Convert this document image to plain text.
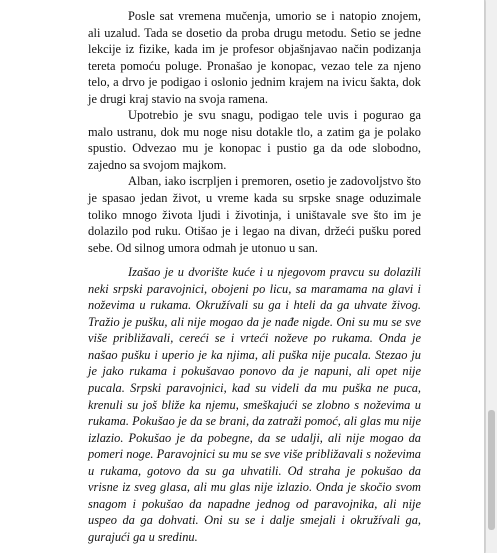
Posle sat vremena mučenja, umorio se i natopio znojem, ali uzalud. Tada se dosetio da proba drugu metodu. Setio se jedne lekcije iz fizike, kada im je profesor objašnjavao način podizanja tereta pomoću poluge. Pronašao je konopac, vezao tele za njeno telo, a drvo je podigao i oslonio jednim krajem na ivicu šakta, dok je drugi kraj stavio na svoja ramena.

Upotrebio je svu snagu, podigao tele uvis i pogurao ga malo ustranu, dok mu noge nisu dotakle tlo, a zatim ga je polako spustio. Odvezao mu je konopac i pustio ga da ode slobodno, zajedno sa svojom majkom.

Alban, iako iscrpljen i premoren, osetio je zadovoljstvo što je spasao jedan život, u vreme kada su srpske snage oduzimale toliko mnogo života ljudi i životinja, i uništavale sve što im je dolazilo pod ruku. Otišao je i legao na divan, držeći pušku pored sebe. Od silnog umora odmah je utonuo u san.

Izašao je u dvorište kuće i u njegovom pravcu su dolazili neki srpski paravojnici, obojeni po licu, sa maramama na glavi i noževima u rukama. Okružívali su ga i hteli da ga uhvate živog. Tražio je pušku, ali nije mogao da je nađe nigde. Oni su mu se sve više približavali, cereći se i vrteći noževe po rukama. Onda je našao pušku i uperio je ka njima, ali puška nije pucala. Stezao ju je jako rukama i pokušavao ponovo da je napuni, ali opet nije pucala. Srpski paravojnici, kad su videli da mu puška ne puca, krenuli su još bliže ka njemu, smeškajući se zlobno s noževima u rukama. Pokušao je da se brani, da zatraži pomoć, ali glas mu nije izlazio. Pokušao je da pobegne, da se udalji, ali nije mogao da pomeri noge. Paravojnici su mu se sve više približavali s noževima u rukama, gotovo da su ga uhvatili. Od straha je pokušao da vrisne iz sveg glasa, ali mu glas nije izlazio. Onda je skočio svom snagom i pokušao da napadne jednog od paravojnika, ali nije uspeo da ga dohvati. Oni su se i dalje smejali i okružívali ga, gurajući ga u sredinu.
